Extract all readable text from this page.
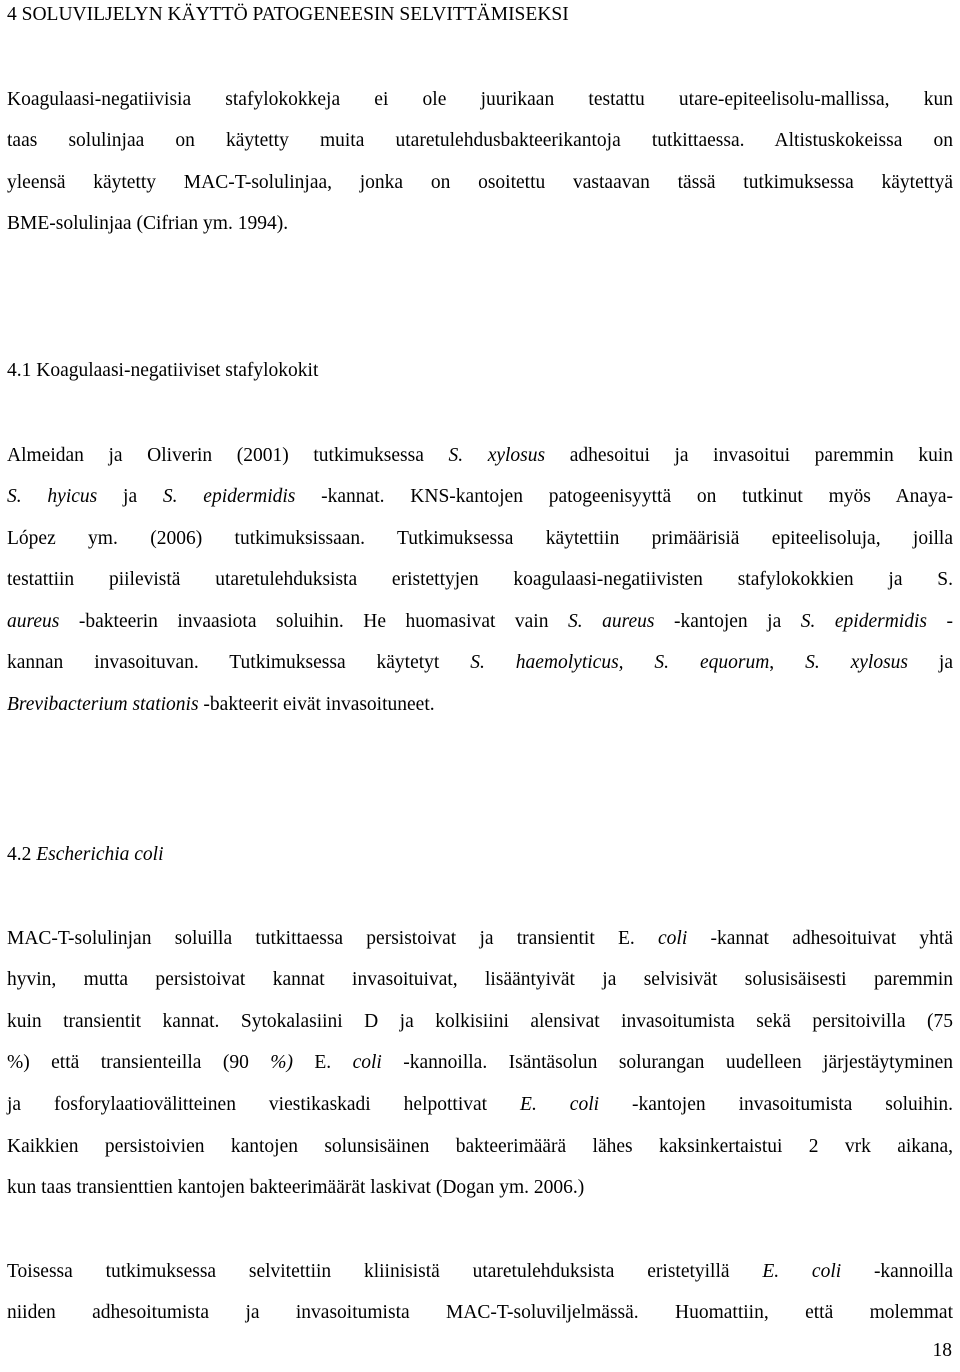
4 SOLUVILJELYN KÄYTTÖ PATOGENEESIN SELVITTÄMISEKSI
Koagulaasi-negatiivisia stafylokokkeja ei ole juurikaan testattu utare-epiteelisolu-mallissa, kun
taas solulinjaa on käytetty muita utaretulehdusbakteerikantoja tutkittaessa. Altistuskokeissa on
yleensä käytetty MAC-T-solulinjaa, jonka on osoitettu vastaavan tässä tutkimuksessa käytettyä
BME-solulinjaa (Cifrian ym. 1994).
4.1 Koagulaasi-negatiiviset stafylokokit
Almeidan ja Oliverin (2001) tutkimuksessa S. xylosus adhesoitui ja invasoitui paremmin kuin
S. hyicus ja S. epidermidis -kannat. KNS-kantojen patogeenisyyttä on tutkinut myös Anaya-
López ym. (2006) tutkimuksissaan. Tutkimuksessa käytettiin primäärisiä epiteelisoluja, joilla
testattiin piilevistä utaretulehduksista eristettyjen koagulaasi-negatiivisten stafylokokkien ja S.
aureus -bakteerin invaasiota soluihin. He huomasivat vain S. aureus -kantojen ja S. epidermidis -
kannan invasoituvan. Tutkimuksessa käytetyt S. haemolyticus, S. equorum, S. xylosus ja
Brevibacterium stationis -bakteerit eivät invasoituneet.
4.2 Escherichia coli
MAC-T-solulinjan soluilla tutkittaessa persistoivat ja transientit E. coli -kannat adhesoituivat yhtä
hyvin, mutta persistoivat kannat invasoituivat, lisääntyivät ja selvisivät solusisäisesti paremmin
kuin transientit kannat. Sytokalasiini D ja kolkisiini alensivat invasoitumista sekä persitoivilla (75
%) että transienteilla (90 %) E. coli -kannoilla. Isäntäsolun solurangan uudelleen järjestäytyminen
ja fosforylaatiovälitteinen viestikaskadi helpottivat E. coli -kantojen invasoitumista soluihin.
Kaikkien persistoivien kantojen solunsisäinen bakteerimäärä lähes kaksinkertaistui 2 vrk aikana,
kun taas transienttien kantojen bakteerimäärät laskivat (Dogan ym. 2006.)
Toisessa tutkimuksessa selvitettiin kliinisistä utaretulehduksista eristetyillä E. coli -kannoilla
niiden adhesoitumista ja invasoitumista MAC-T-soluviljelmässä. Huomattiin, että molemmat
18
